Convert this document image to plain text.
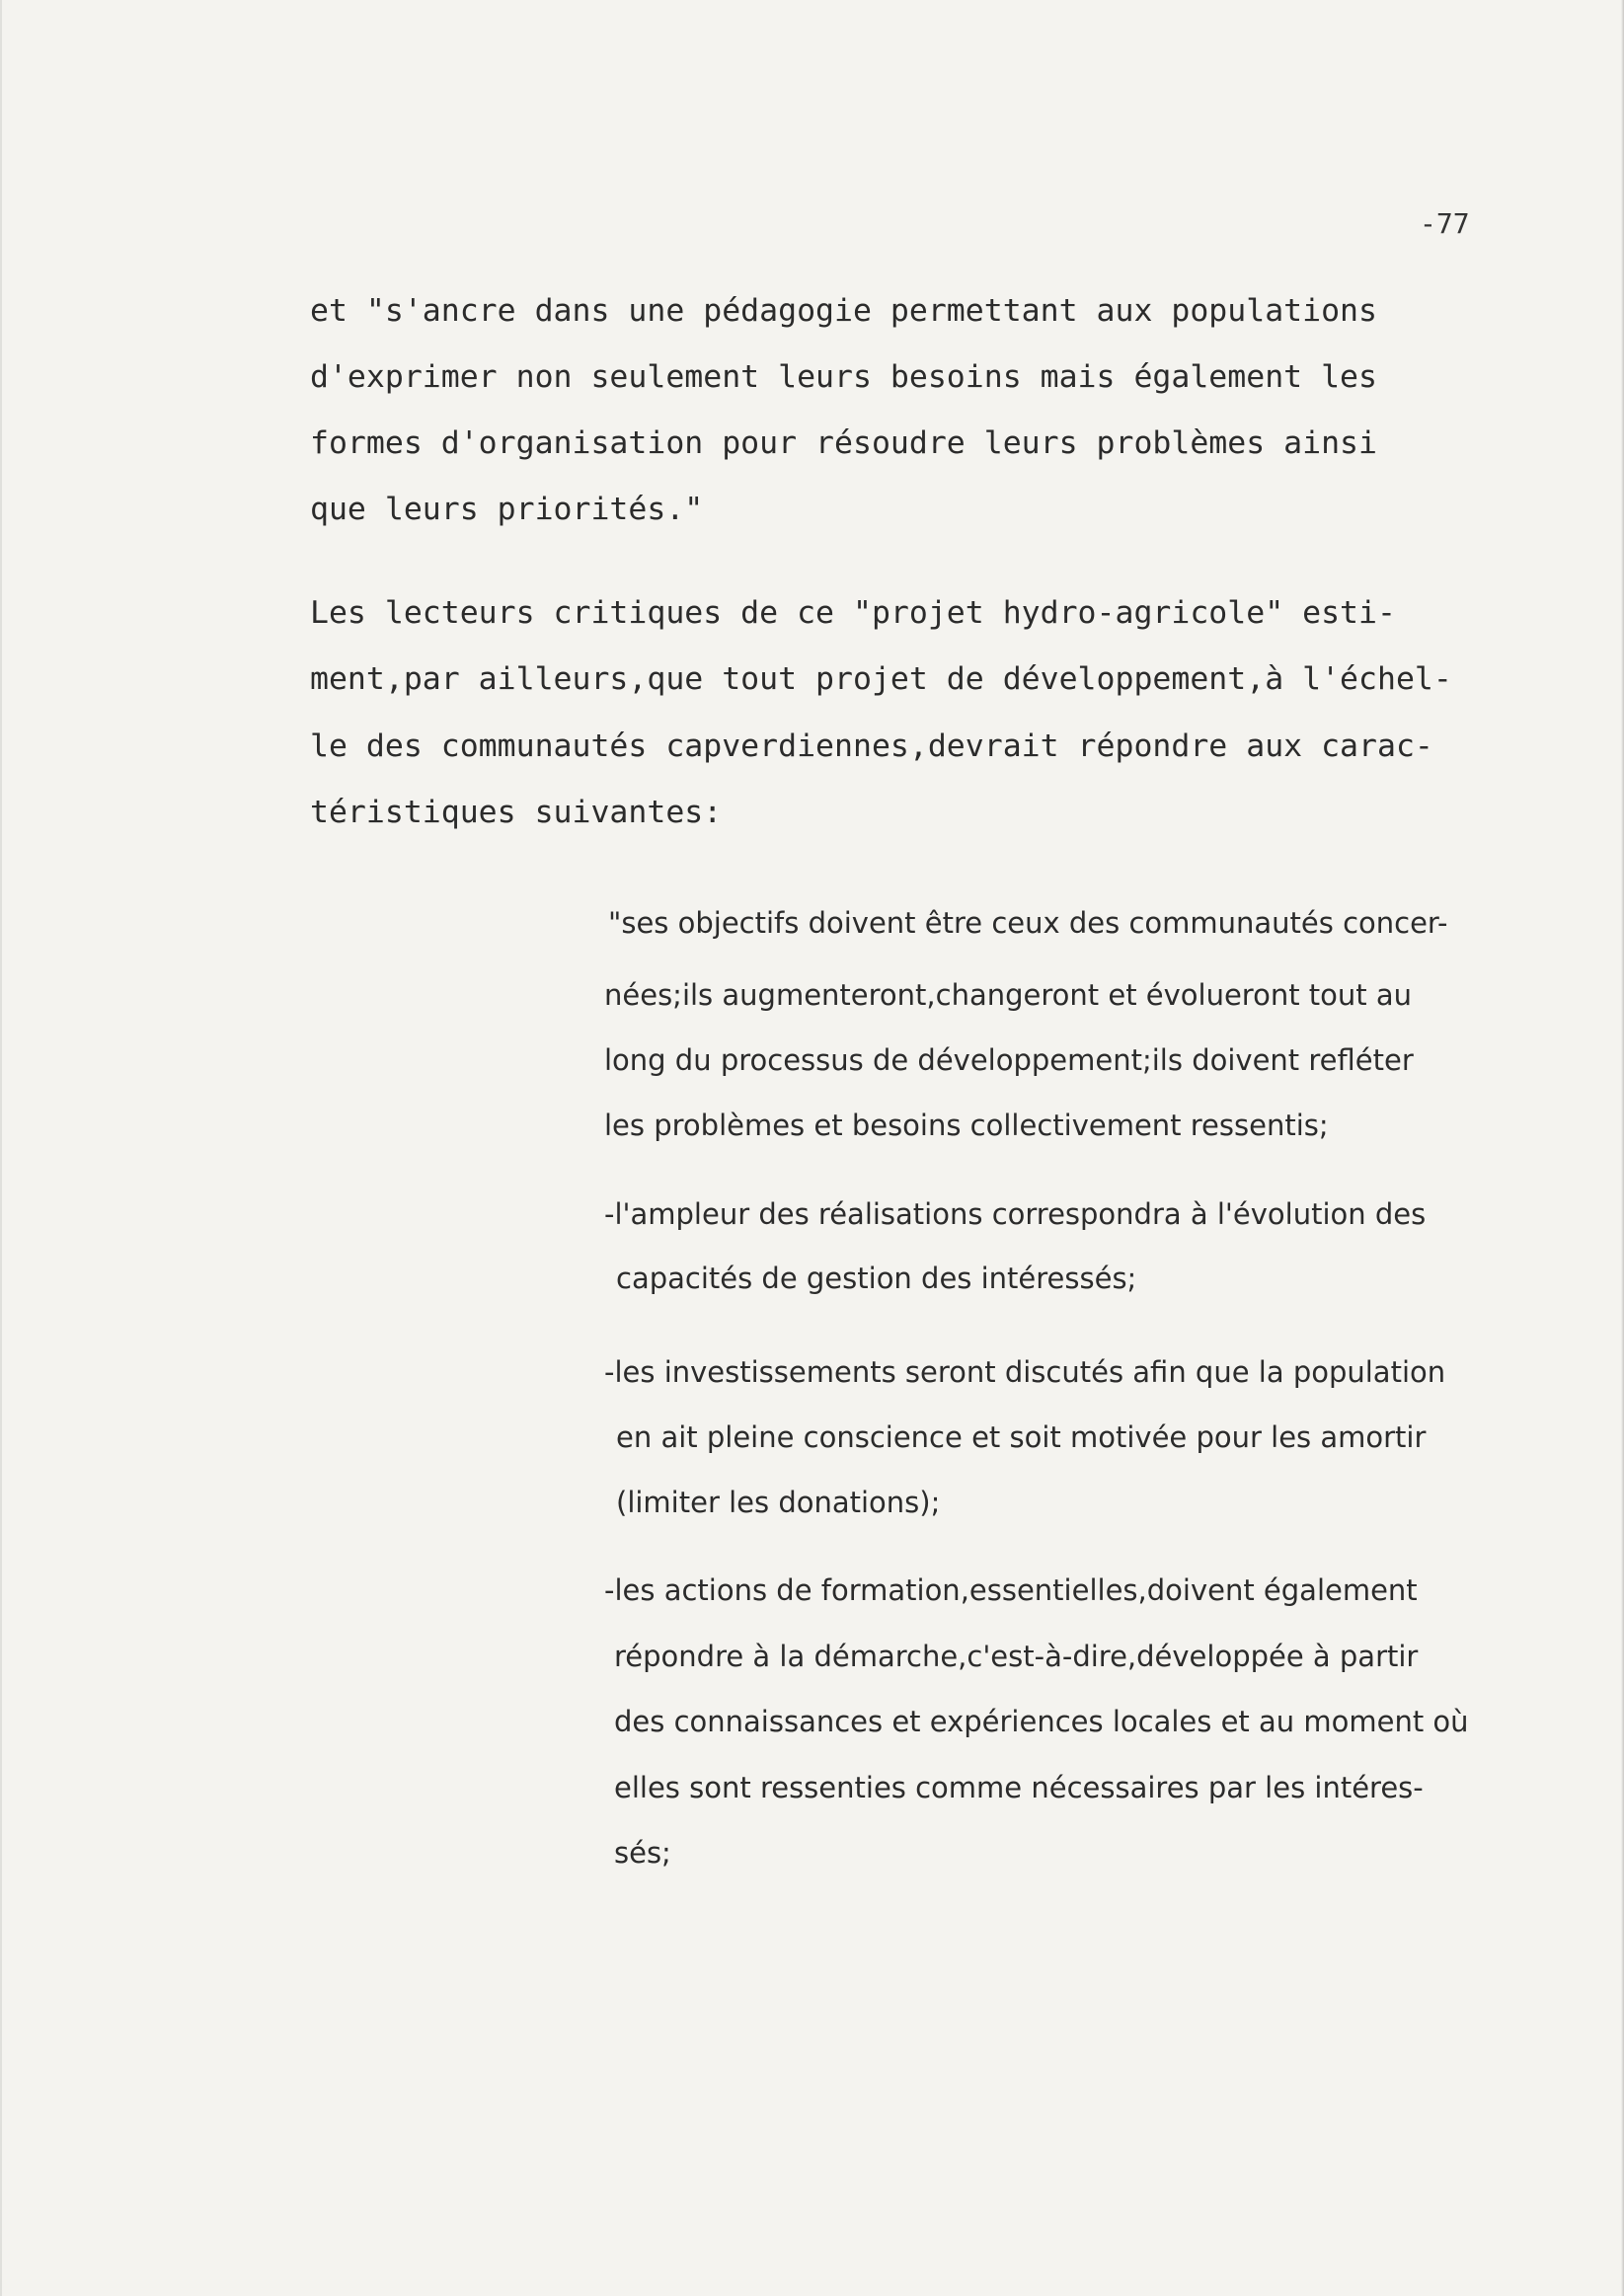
-77

et "s'ancre dans une pédagogie permettant aux populations

d'exprimer non seulement leurs besoins mais également les

formes d'organisation pour résoudre leurs problèmes ainsi

que leurs priorités."

Les lecteurs critiques de ce "projet hydro-agricole" esti-

ment,par ailleurs,que tout projet de développement,à l'échel-

le des communautés capverdiennes,devrait répondre aux carac-

téristiques suivantes:

"ses objectifs doivent être ceux des communautés concer-

nées;ils augmenteront,changeront et évolueront tout au

long du processus de développement;ils doivent refléter

les problèmes et besoins collectivement ressentis;

-l'ampleur des réalisations correspondra à l'évolution des

capacités de gestion des intéressés;

-les investissements seront discutés afin que la population

en ait pleine conscience et soit motivée pour les amortir

(limiter les donations);

-les actions de formation,essentielles,doivent également

répondre à la démarche,c'est-à-dire,développée à partir

des connaissances et expériences locales et au moment où

elles sont ressenties comme nécessaires par les intéres-

sés;
